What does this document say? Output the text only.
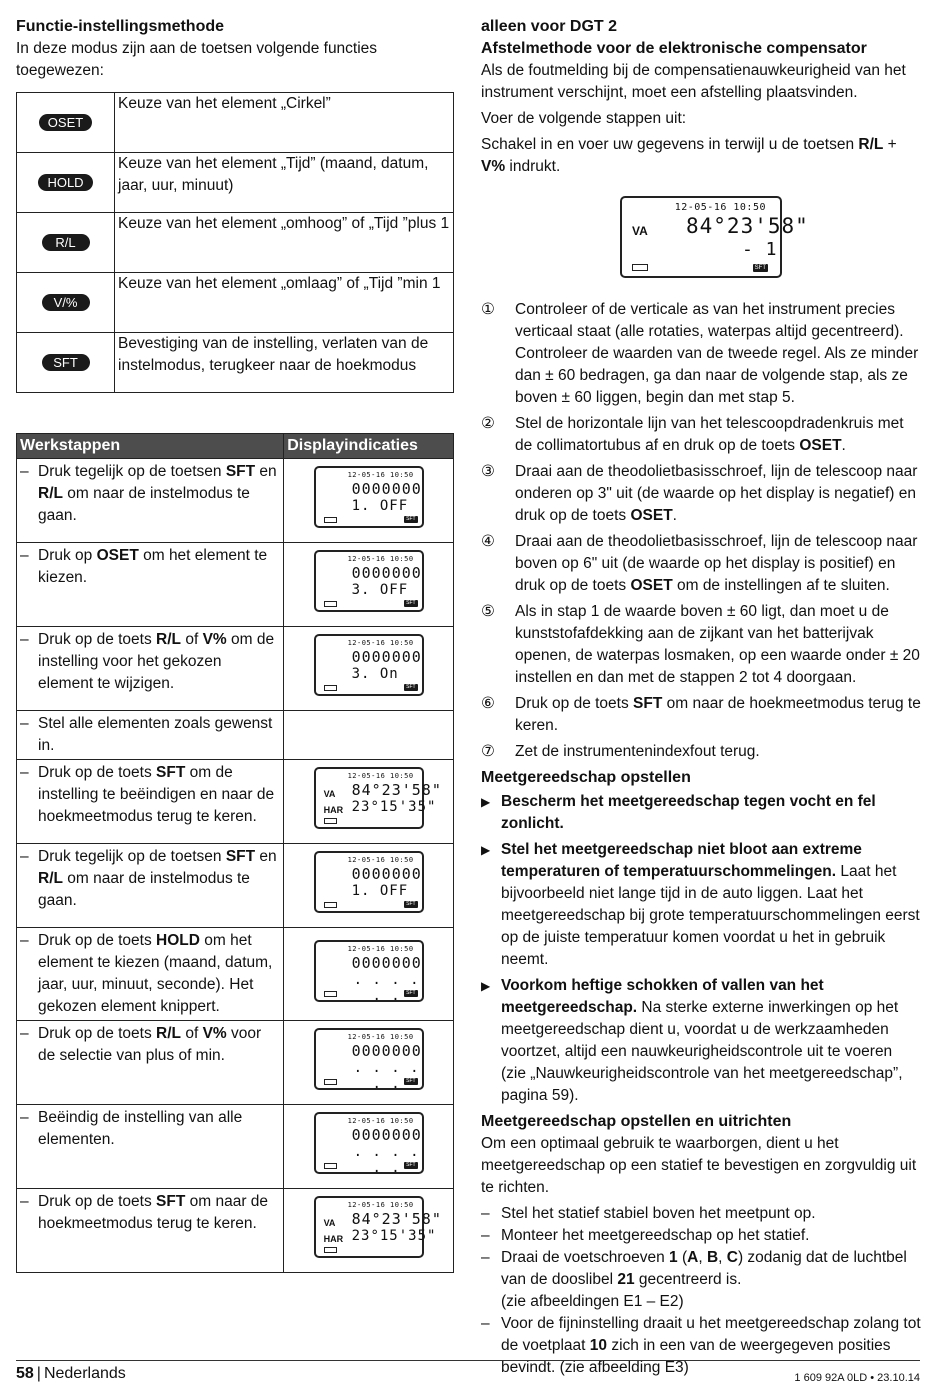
Functie-instellingsmethode

In deze modus zijn aan de toetsen volgende functies toegewezen:

OSET	Keuze van het element „Cirkel”
HOLD	Keuze van het element „Tijd” (maand, datum, jaar, uur, minuut)
R/L	Keuze van het element „omhoog” of „Tijd ”plus 1
V/%	Keuze van het element „omlaag” of „Tijd ”min 1
SFT	Bevestiging van de instelling, verlaten van de instelmodus, terugkeer naar de hoekmodus
Werkstappen	Displayindicaties

– Druk tegelijk op de toetsen SFT en R/L om naar de instelmodus te gaan.	12-05-16 10:50
0000000
1. OFF
SFT

– Druk op OSET om het element te kiezen.	12-05-16 10:50
0000000
3. OFF
SFT

– Druk op de toets R/L of V% om de instelling voor het gekozen element te wijzigen.	12-05-16 10:50
0000000
3. On
SFT

– Stel alle elementen zoals gewenst in.	

– Druk op de toets SFT om de instelling te beëindigen en naar de hoekmeetmodus terug te keren.	12-05-16 10:50
VA
HAR
84°23'58"
23°15'35"

– Druk tegelijk op de toetsen SFT en R/L om naar de instelmodus te gaan.	12-05-16 10:50
0000000
1. OFF
SFT

– Druk op de toets HOLD om het element te kiezen (maand, datum, jaar, uur, minuut, seconde). Het gekozen element knippert.	12-05-16 10:50
0000000
. . . . . . SFT

– Druk op de toets R/L of V% voor de selectie van plus of min.	12-05-16 10:50
0000000
. . . . . . SFT

– Beëindig de instelling van alle elementen.	12-05-16 10:50
0000000
. . . . . . SFT

– Druk op de toets SFT om naar de hoekmeetmodus terug te keren.	12-05-16 10:50
VA
HAR
84°23'58"
23°15'35"
alleen voor DGT 2
Afstelmethode voor de elektronische compensator

Als de foutmelding bij de compensatienauwkeurigheid van het instrument verschijnt, moet een afstelling plaatsvinden.

Voer de volgende stappen uit:

Schakel in en voer uw gegevens in terwijl u de toetsen R/L + V% indrukt.

12-05-16 10:50
VA 84°23'58"
- 1
SFT
①	Controleer of de verticale as van het instrument precies verticaal staat (alle rotaties, waterpas altijd gecentreerd). Controleer de waarden van de tweede regel. Als ze minder dan ± 60 bedragen, ga dan naar de volgende stap, als ze boven ± 60 liggen, begin dan met stap 5.
②	Stel de horizontale lijn van het telescoopdradenkruis met de collimatortubus af en druk op de toets OSET.
③	Draai aan de theodolietbasisschroef, lijn de telescoop naar onderen op 3" uit (de waarde op het display is negatief) en druk op de toets OSET.
④	Draai aan de theodolietbasisschroef, lijn de telescoop naar boven op 6" uit (de waarde op het display is positief) en druk op de toets OSET om de instellingen af te sluiten.
⑤	Als in stap 1 de waarde boven ± 60 ligt, dan moet u de kunststofafdekking aan de zijkant van het batterijvak openen, de waterpas losmaken, op een waarde onder ± 20 instellen en dan met de stappen 2 tot 4 doorgaan.
⑥	Druk op de toets SFT om naar de hoekmeetmodus terug te keren.
⑦	Zet de instrumentenindexfout terug.
Meetgereedschap opstellen
▶ Bescherm het meetgereedschap tegen vocht en fel zonlicht.
▶ Stel het meetgereedschap niet bloot aan extreme temperaturen of temperatuurschommelingen. Laat het bijvoorbeeld niet lange tijd in de auto liggen. Laat het meetgereedschap bij grote temperatuurschommelingen eerst op de juiste temperatuur komen voordat u het in gebruik neemt.
▶ Voorkom heftige schokken of vallen van het meetgereedschap. Na sterke externe inwerkingen op het meetgereedschap dient u, voordat u de werkzaamheden voortzet, altijd een nauwkeurigheidscontrole uit te voeren (zie „Nauwkeurigheidscontrole van het meetgereedschap”, pagina 59).
Meetgereedschap opstellen en uitrichten

Om een optimaal gebruik te waarborgen, dient u het meetgereedschap op een statief te bevestigen en zorgvuldig uit te richten.

– Stel het statief stabiel boven het meetpunt op.
– Monteer het meetgereedschap op het statief.
– Draai de voetschroeven 1 (A, B, C) zodanig dat de luchtbel van de dooslibel 21 gecentreerd is.
(zie afbeeldingen E1 – E2)
– Voor de fijninstelling draait u het meetgereedschap zolang tot de voetplaat 10 zich in een van de weergegeven posities bevindt. (zie afbeelding E3)
58 | Nederlands	1 609 92A 0LD • 23.10.14
